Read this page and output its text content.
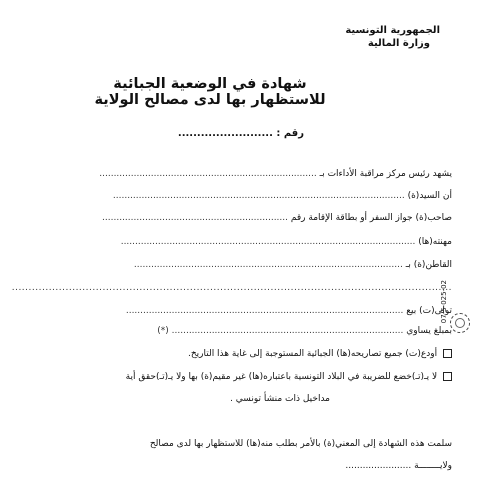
الجمهورية التونسية
وزارة المالية
شهادة في الوضعية الجبائية
للاستظهار بها لدى مصالح الولاية
رقم : .........................
يشهد رئيس مركز مراقبة الأداءات بـ ............................................................................
أن السيد(ة) ......................................................................................................
صاحب(ة) جواز السفر أو بطاقة الإقامة رقم .................................................................
مهنته(ها) .......................................................................................................
القاطن(ة) بـ ..............................................................................................
...................................................................................................................................
تولى(ت) بيع .................................................................................................
بمبلغ يساوي ................................................................................. (*)
أودع(ت) جميع تصاريحه(ها) الجبائية المستوجبة إلى غاية هذا التاريخ.
لا يـ(تـ)خضع للضريبة في البلاد التونسية باعتباره(ها) غير مقيم(ة) بها ولا يـ(تـ)حقق أية
مداخيل ذات منشأ تونسي .
سلمت هذه الشهادة إلى المعني(ة) بالأمر بطلب منه(ها) للاستظهار بها لدى مصالح
ولايــــــــة .......................
07-5-025-02
